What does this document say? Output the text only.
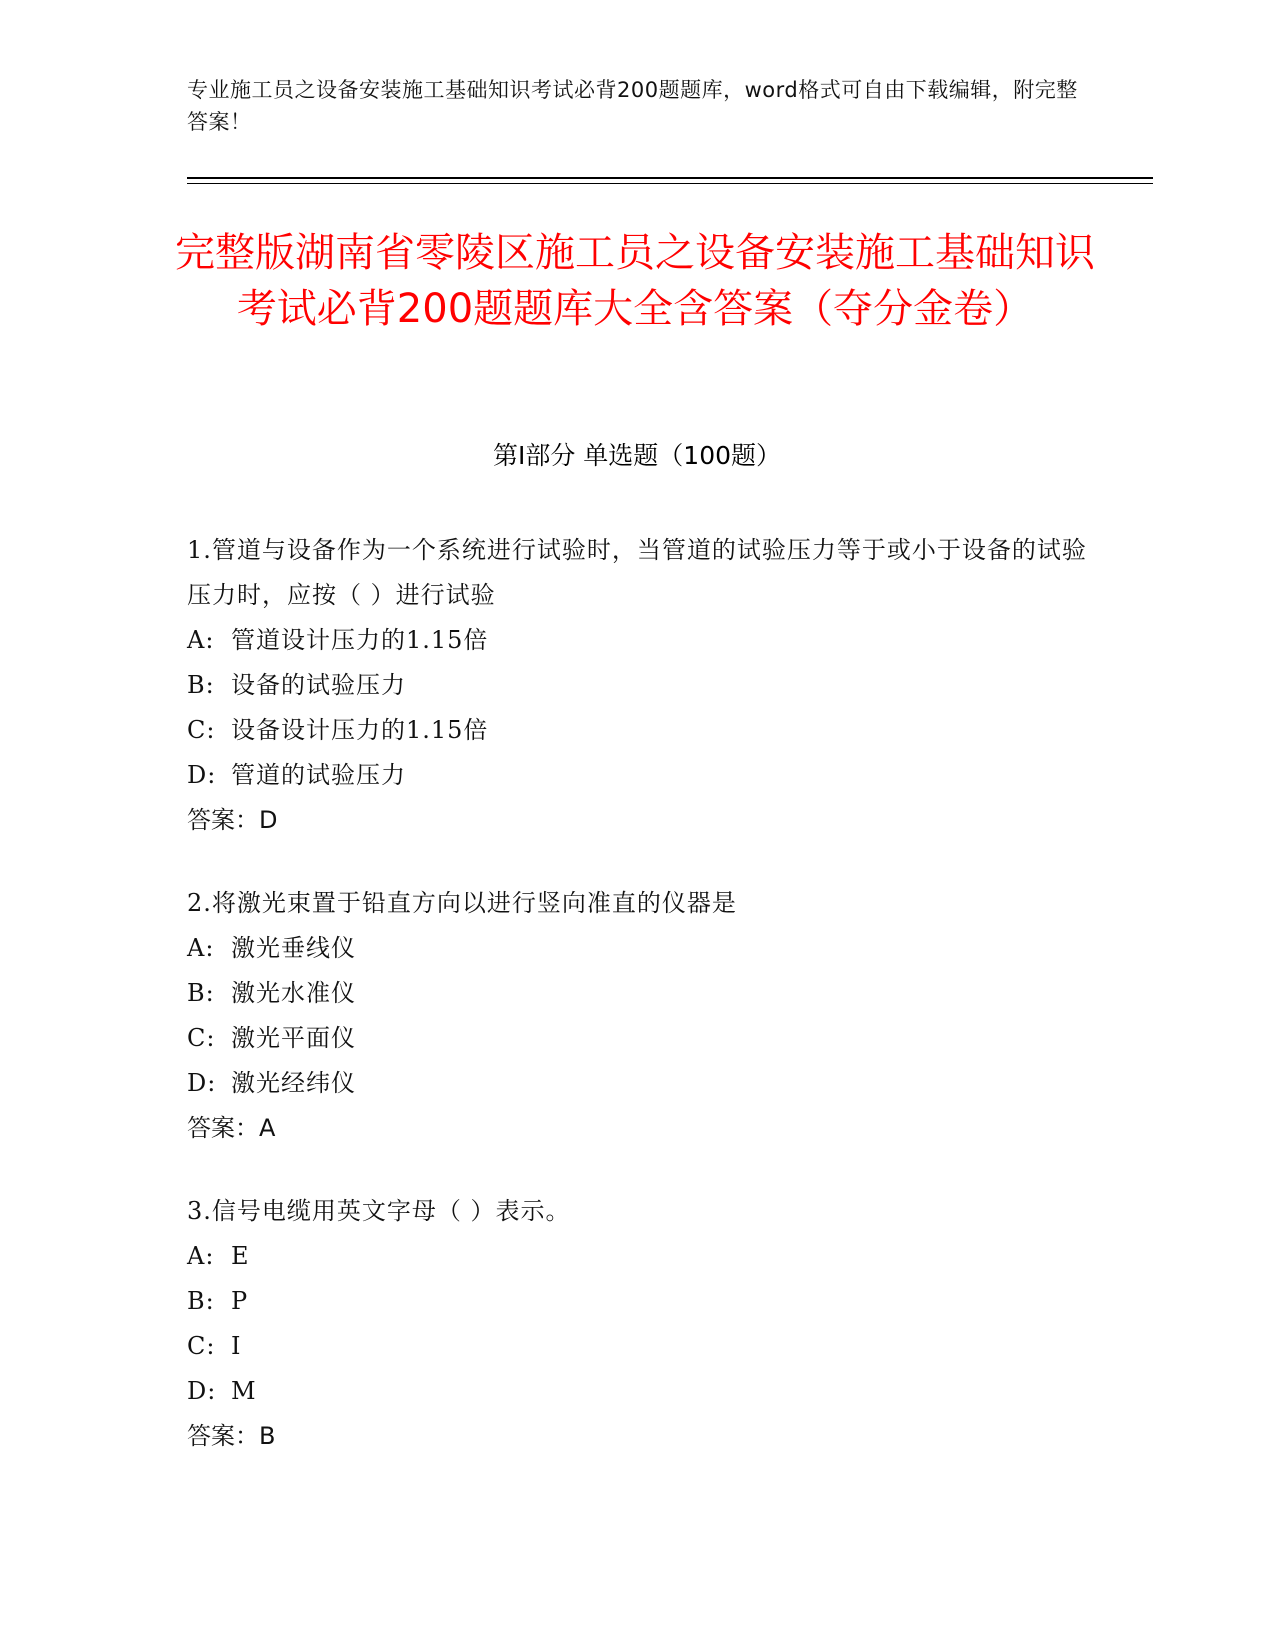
专业施工员之设备安装施工基础知识考试必背200题题库，word格式可自由下载编辑，附完整答案！
完整版湖南省零陵区施工员之设备安装施工基础知识考试必背200题题库大全含答案（夺分金卷）
第I部分 单选题（100题）

1.管道与设备作为一个系统进行试验时，当管道的试验压力等于或小于设备的试验压力时，应按（ ）进行试验

A: 管道设计压力的1.15倍

B: 设备的试验压力

C: 设备设计压力的1.15倍

D: 管道的试验压力

答案：D

2.将激光束置于铅直方向以进行竖向准直的仪器是

A: 激光垂线仪

B: 激光水准仪

C: 激光平面仪

D: 激光经纬仪

答案：A

3.信号电缆用英文字母（ ）表示。

A: E

B: P

C: I

D: M

答案：B
